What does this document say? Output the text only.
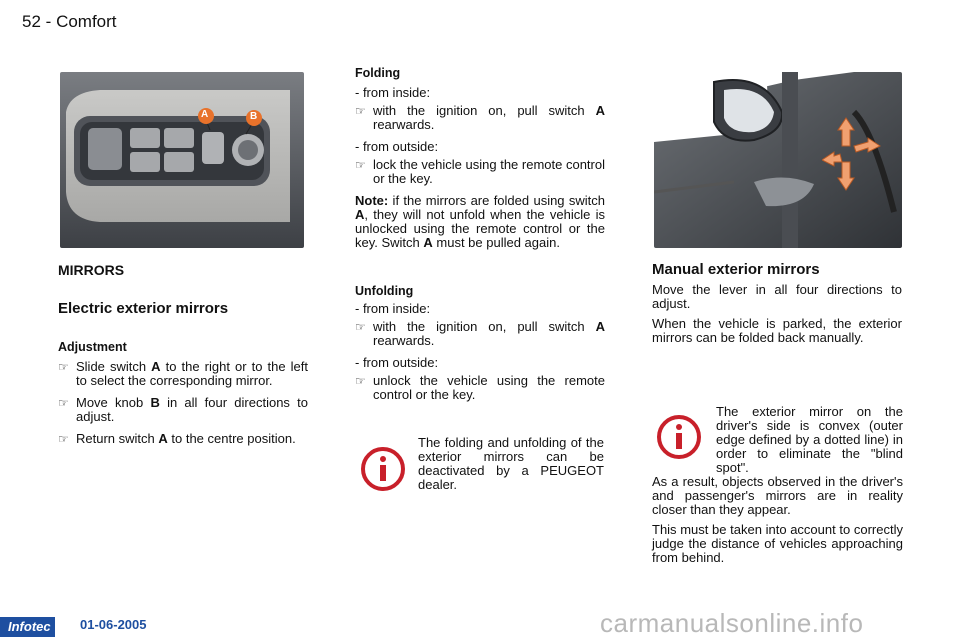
52 - Comfort
A	B
MIRRORS
Electric exterior mirrors
Adjustment
☞ Slide switch A to the right or to the left to select the corresponding mirror.
☞ Move knob B in all four directions to adjust.
☞ Return switch A to the centre position.
Folding
- from inside:
☞ with the ignition on, pull switch A rearwards.
- from outside:
☞ lock the vehicle using the remote control or the key.
Note: if the mirrors are folded using switch A, they will not unfold when the vehicle is unlocked using the remote control or the key. Switch A must be pulled again.
Unfolding
- from inside:
☞ with the ignition on, pull switch A rearwards.
- from outside:
☞ unlock the vehicle using the remote control or the key.
The folding and unfolding of the exterior mirrors can be deactivated by a PEUGEOT dealer.
Manual exterior mirrors
Move the lever in all four directions to adjust.
When the vehicle is parked, the exterior mirrors can be folded back manually.
The exterior mirror on the driver's side is convex (outer edge defined by a dotted line) in order to eliminate the "blind spot".
As a result, objects observed in the driver's and passenger's mirrors are in reality closer than they appear.
This must be taken into account to correctly judge the distance of vehicles approaching from behind.
Infotec	01-06-2005	carmanualsonline.info
